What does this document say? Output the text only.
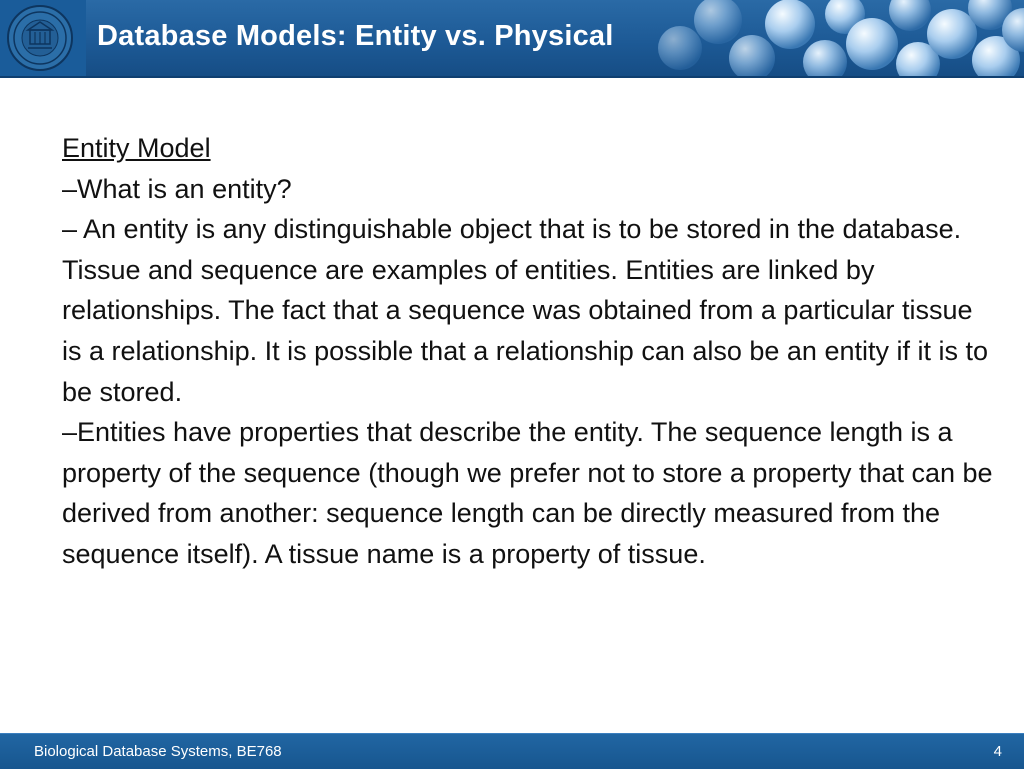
Database Models: Entity vs. Physical

Entity Model

–What is an entity?

– An entity is any distinguishable object that is to be stored in the database. Tissue and sequence are examples of entities. Entities are linked by relationships. The fact that a sequence was obtained from a particular tissue is a relationship. It is possible that a relationship can also be an entity if it is to be stored.

–Entities have properties that describe the entity. The sequence length is a property of the sequence (though we prefer not to store a property that can be derived from another: sequence length can be directly measured from the sequence itself). A tissue name is a property of tissue.

Biological Database Systems, BE768	4
